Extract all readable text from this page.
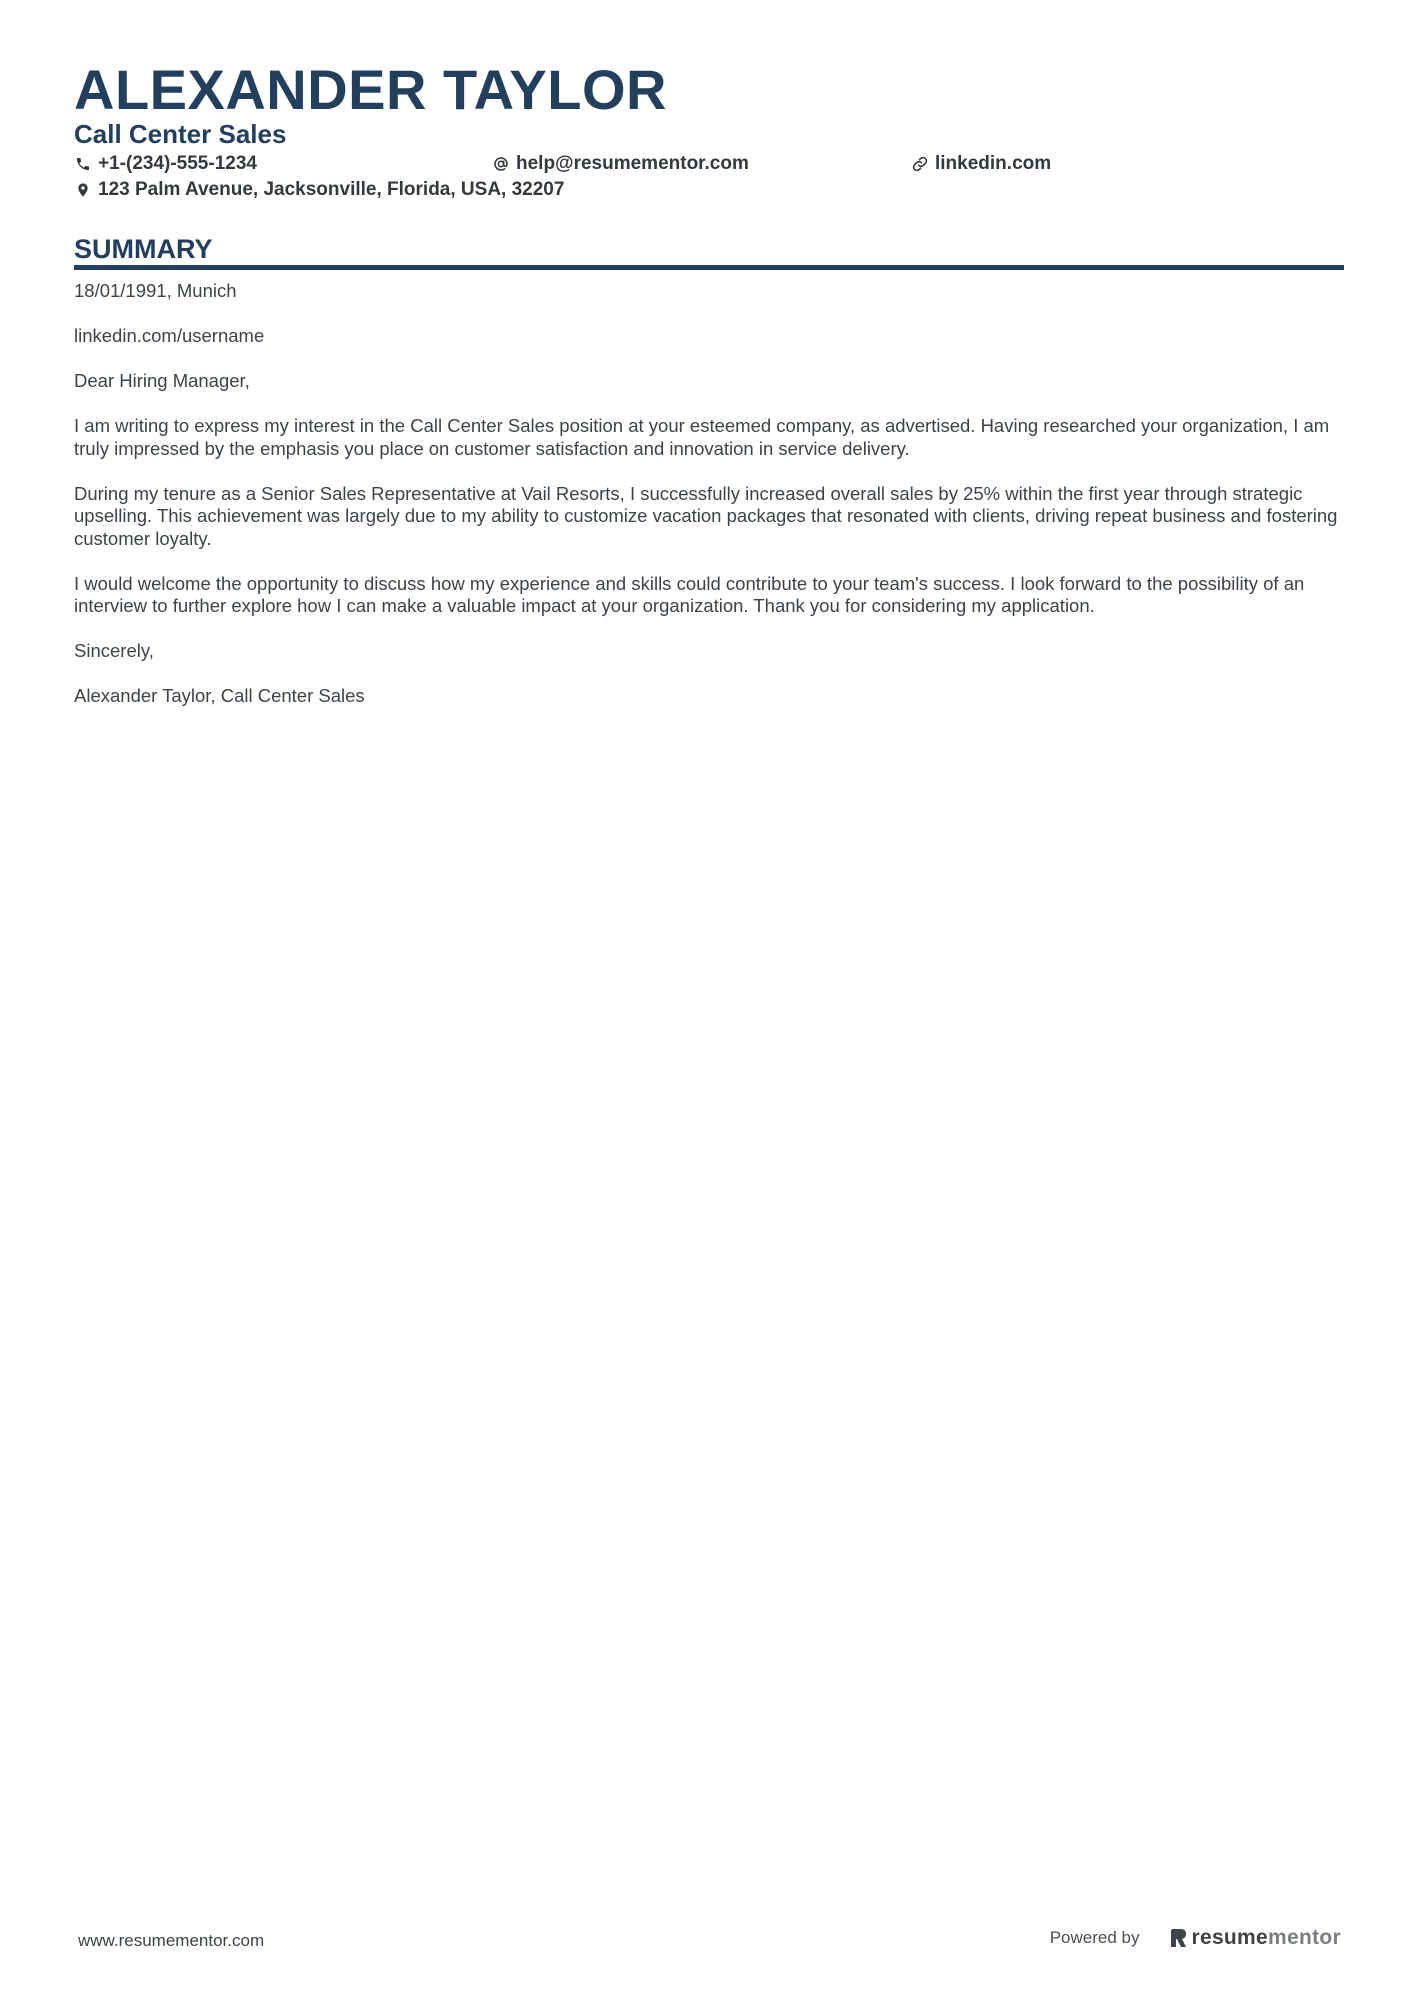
ALEXANDER TAYLOR
Call Center Sales
+1-(234)-555-1234	help@resumementor.com	linkedin.com
123 Palm Avenue, Jacksonville, Florida, USA, 32207
SUMMARY

18/01/1991, Munich

linkedin.com/username

Dear Hiring Manager,

I am writing to express my interest in the Call Center Sales position at your esteemed company, as advertised. Having researched your organization, I am truly impressed by the emphasis you place on customer satisfaction and innovation in service delivery.

During my tenure as a Senior Sales Representative at Vail Resorts, I successfully increased overall sales by 25% within the first year through strategic upselling. This achievement was largely due to my ability to customize vacation packages that resonated with clients, driving repeat business and fostering customer loyalty.

I would welcome the opportunity to discuss how my experience and skills could contribute to your team's success. I look forward to the possibility of an interview to further explore how I can make a valuable impact at your organization. Thank you for considering my application.

Sincerely,

Alexander Taylor, Call Center Sales

www.resumementor.com	Powered by resume mentor
